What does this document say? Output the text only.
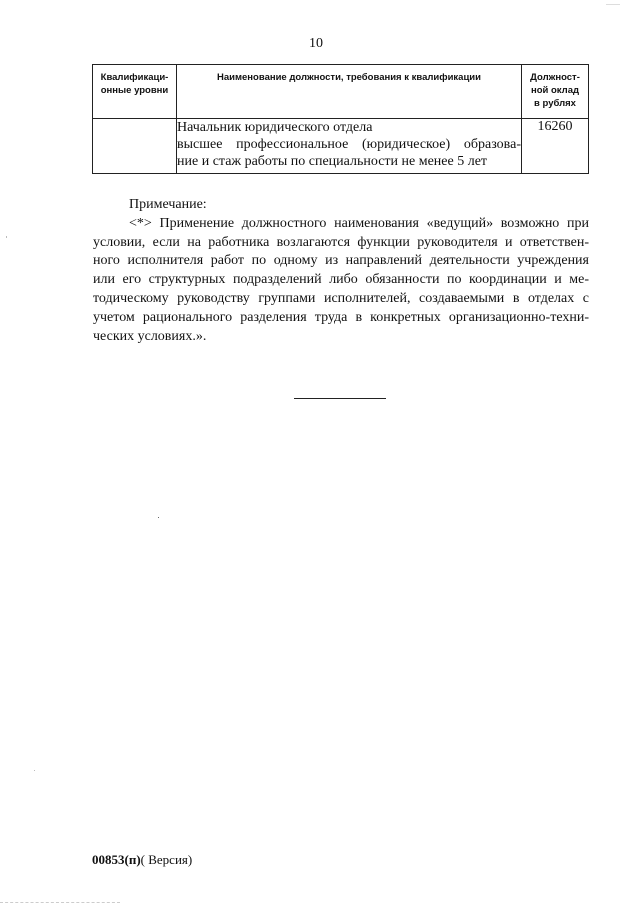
10
Квалификаци-
онные уровни	Наименование должности, требования к квалификации	Должност-
ной оклад
в рублях

	Начальник юридического отдела
высшее профессиональное (юридическое) образова-
ние и стаж работы по специальности не менее 5 лет	16260
Примечание:
<*> Применение должностного наименования «ведущий» возможно при
условии, если на работника возлагаются функции руководителя и ответствен-
ного исполнителя работ по одному из направлений деятельности учреждения
или его структурных подразделений либо обязанности по координации и ме-
тодическому руководству группами исполнителей, создаваемыми в отделах с
учетом рационального разделения труда в конкретных организационно-техни-
ческих условиях.».
00853(п)( Версия)
